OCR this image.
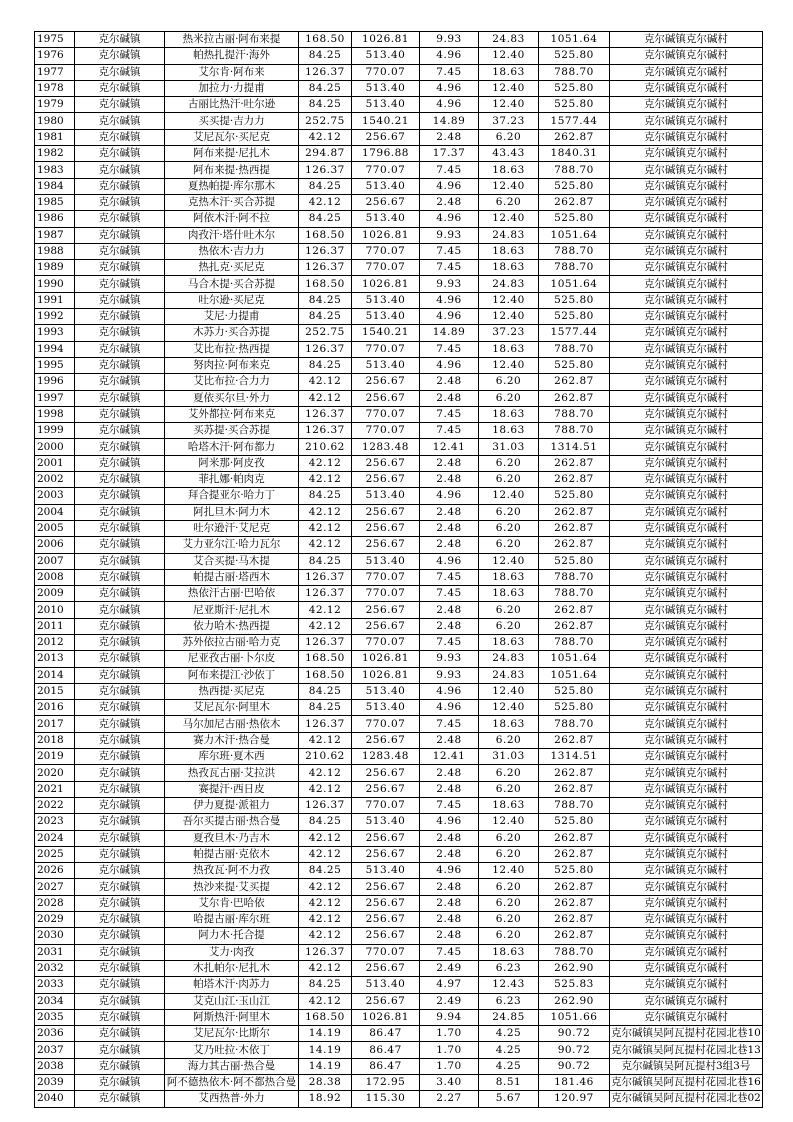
1975	克尔碱镇	热米拉古丽·阿布来提	168.50	1026.81	9.93	24.83	1051.64	克尔碱镇克尔碱村
1976	克尔碱镇	帕热扎提汗·海外	84.25	513.40	4.96	12.40	525.80	克尔碱镇克尔碱村
1977	克尔碱镇	艾尔肯·阿布来	126.37	770.07	7.45	18.63	788.70	克尔碱镇克尔碱村
1978	克尔碱镇	加拉力·力提甫	84.25	513.40	4.96	12.40	525.80	克尔碱镇克尔碱村
1979	克尔碱镇	古丽比热汗·吐尔逊	84.25	513.40	4.96	12.40	525.80	克尔碱镇克尔碱村
1980	克尔碱镇	买买提·吉力力	252.75	1540.21	14.89	37.23	1577.44	克尔碱镇克尔碱村
1981	克尔碱镇	艾尼瓦尔·买尼克	42.12	256.67	2.48	6.20	262.87	克尔碱镇克尔碱村
1982	克尔碱镇	阿布来提·尼扎木	294.87	1796.88	17.37	43.43	1840.31	克尔碱镇克尔碱村
1983	克尔碱镇	阿布来提·热西提	126.37	770.07	7.45	18.63	788.70	克尔碱镇克尔碱村
1984	克尔碱镇	夏热帕提·库尔那木	84.25	513.40	4.96	12.40	525.80	克尔碱镇克尔碱村
1985	克尔碱镇	克热木汗·买合苏提	42.12	256.67	2.48	6.20	262.87	克尔碱镇克尔碱村
1986	克尔碱镇	阿依木汗·阿不拉	84.25	513.40	4.96	12.40	525.80	克尔碱镇克尔碱村
1987	克尔碱镇	肉孜汗·塔什吐木尔	168.50	1026.81	9.93	24.83	1051.64	克尔碱镇克尔碱村
1988	克尔碱镇	热依木·吉力力	126.37	770.07	7.45	18.63	788.70	克尔碱镇克尔碱村
1989	克尔碱镇	热扎克·买尼克	126.37	770.07	7.45	18.63	788.70	克尔碱镇克尔碱村
1990	克尔碱镇	马合木提·买合苏提	168.50	1026.81	9.93	24.83	1051.64	克尔碱镇克尔碱村
1991	克尔碱镇	吐尔逊·买尼克	84.25	513.40	4.96	12.40	525.80	克尔碱镇克尔碱村
1992	克尔碱镇	艾尼·力提甫	84.25	513.40	4.96	12.40	525.80	克尔碱镇克尔碱村
1993	克尔碱镇	木苏力·买合苏提	252.75	1540.21	14.89	37.23	1577.44	克尔碱镇克尔碱村
1994	克尔碱镇	艾比布拉·热西提	126.37	770.07	7.45	18.63	788.70	克尔碱镇克尔碱村
1995	克尔碱镇	努肉拉·阿布来克	84.25	513.40	4.96	12.40	525.80	克尔碱镇克尔碱村
1996	克尔碱镇	艾比布拉·合力力	42.12	256.67	2.48	6.20	262.87	克尔碱镇克尔碱村
1997	克尔碱镇	夏依买尔旦·外力	42.12	256.67	2.48	6.20	262.87	克尔碱镇克尔碱村
1998	克尔碱镇	艾外都拉·阿布来克	126.37	770.07	7.45	18.63	788.70	克尔碱镇克尔碱村
1999	克尔碱镇	买苏提·买合苏提	126.37	770.07	7.45	18.63	788.70	克尔碱镇克尔碱村
2000	克尔碱镇	哈塔木汗·阿布都力	210.62	1283.48	12.41	31.03	1314.51	克尔碱镇克尔碱村
2001	克尔碱镇	阿米那·阿皮孜	42.12	256.67	2.48	6.20	262.87	克尔碱镇克尔碱村
2002	克尔碱镇	菲扎娜·帕肉克	42.12	256.67	2.48	6.20	262.87	克尔碱镇克尔碱村
2003	克尔碱镇	拜合提亚尔·哈力丁	84.25	513.40	4.96	12.40	525.80	克尔碱镇克尔碱村
2004	克尔碱镇	阿扎旦木·阿力木	42.12	256.67	2.48	6.20	262.87	克尔碱镇克尔碱村
2005	克尔碱镇	吐尔逊汗·艾尼克	42.12	256.67	2.48	6.20	262.87	克尔碱镇克尔碱村
2006	克尔碱镇	艾力亚尔江·哈力瓦尔	42.12	256.67	2.48	6.20	262.87	克尔碱镇克尔碱村
2007	克尔碱镇	艾合买提·马木提	84.25	513.40	4.96	12.40	525.80	克尔碱镇克尔碱村
2008	克尔碱镇	帕提古丽·塔西木	126.37	770.07	7.45	18.63	788.70	克尔碱镇克尔碱村
2009	克尔碱镇	热依汗古丽·巴哈依	126.37	770.07	7.45	18.63	788.70	克尔碱镇克尔碱村
2010	克尔碱镇	尼亚斯汗·尼扎木	42.12	256.67	2.48	6.20	262.87	克尔碱镇克尔碱村
2011	克尔碱镇	依力哈木·热西提	42.12	256.67	2.48	6.20	262.87	克尔碱镇克尔碱村
2012	克尔碱镇	苏外依拉古丽·哈力克	126.37	770.07	7.45	18.63	788.70	克尔碱镇克尔碱村
2013	克尔碱镇	尼亚孜古丽·卜尔皮	168.50	1026.81	9.93	24.83	1051.64	克尔碱镇克尔碱村
2014	克尔碱镇	阿布来提江·沙依丁	168.50	1026.81	9.93	24.83	1051.64	克尔碱镇克尔碱村
2015	克尔碱镇	热西提·买尼克	84.25	513.40	4.96	12.40	525.80	克尔碱镇克尔碱村
2016	克尔碱镇	艾尼瓦尔·阿里木	84.25	513.40	4.96	12.40	525.80	克尔碱镇克尔碱村
2017	克尔碱镇	马尔加尼古丽·热依木	126.37	770.07	7.45	18.63	788.70	克尔碱镇克尔碱村
2018	克尔碱镇	赛力木汗·热合曼	42.12	256.67	2.48	6.20	262.87	克尔碱镇克尔碱村
2019	克尔碱镇	库尔班·夏木西	210.62	1283.48	12.41	31.03	1314.51	克尔碱镇克尔碱村
2020	克尔碱镇	热孜瓦古丽·艾拉洪	42.12	256.67	2.48	6.20	262.87	克尔碱镇克尔碱村
2021	克尔碱镇	赛提汗·西日皮	42.12	256.67	2.48	6.20	262.87	克尔碱镇克尔碱村
2022	克尔碱镇	伊力夏提·派祖力	126.37	770.07	7.45	18.63	788.70	克尔碱镇克尔碱村
2023	克尔碱镇	吾尔买提古丽·热合曼	84.25	513.40	4.96	12.40	525.80	克尔碱镇克尔碱村
2024	克尔碱镇	夏孜旦木·乃吉木	42.12	256.67	2.48	6.20	262.87	克尔碱镇克尔碱村
2025	克尔碱镇	帕提古丽·克依木	42.12	256.67	2.48	6.20	262.87	克尔碱镇克尔碱村
2026	克尔碱镇	热孜瓦·阿不力孜	84.25	513.40	4.96	12.40	525.80	克尔碱镇克尔碱村
2027	克尔碱镇	热沙来提·艾买提	42.12	256.67	2.48	6.20	262.87	克尔碱镇克尔碱村
2028	克尔碱镇	艾尔肯·巴哈依	42.12	256.67	2.48	6.20	262.87	克尔碱镇克尔碱村
2029	克尔碱镇	哈提古丽·库尔班	42.12	256.67	2.48	6.20	262.87	克尔碱镇克尔碱村
2030	克尔碱镇	阿力木·托合提	42.12	256.67	2.48	6.20	262.87	克尔碱镇克尔碱村
2031	克尔碱镇	艾力·肉孜	126.37	770.07	7.45	18.63	788.70	克尔碱镇克尔碱村
2032	克尔碱镇	木扎帕尔·尼扎木	42.12	256.67	2.49	6.23	262.90	克尔碱镇克尔碱村
2033	克尔碱镇	帕塔木汗·肉苏力	84.25	513.40	4.97	12.43	525.83	克尔碱镇克尔碱村
2034	克尔碱镇	艾克山江·玉山江	42.12	256.67	2.49	6.23	262.90	克尔碱镇克尔碱村
2035	克尔碱镇	阿斯热汗·阿里木	168.50	1026.81	9.94	24.85	1051.66	克尔碱镇克尔碱村
2036	克尔碱镇	艾尼瓦尔·比斯尔	14.19	86.47	1.70	4.25	90.72	克尔碱镇吴阿瓦提村花园北巷10
2037	克尔碱镇	艾乃吐拉·木依丁	14.19	86.47	1.70	4.25	90.72	克尔碱镇吴阿瓦提村花园北巷13
2038	克尔碱镇	海力其古丽·热合曼	14.19	86.47	1.70	4.25	90.72	克尔碱镇吴阿瓦提村3组3号
2039	克尔碱镇	阿不德热依木·阿不都热合曼	28.38	172.95	3.40	8.51	181.46	克尔碱镇吴阿瓦提村花园北巷16
2040	克尔碱镇	艾西热普·外力	18.92	115.30	2.27	5.67	120.97	克尔碱镇吴阿瓦提村花园北巷02
